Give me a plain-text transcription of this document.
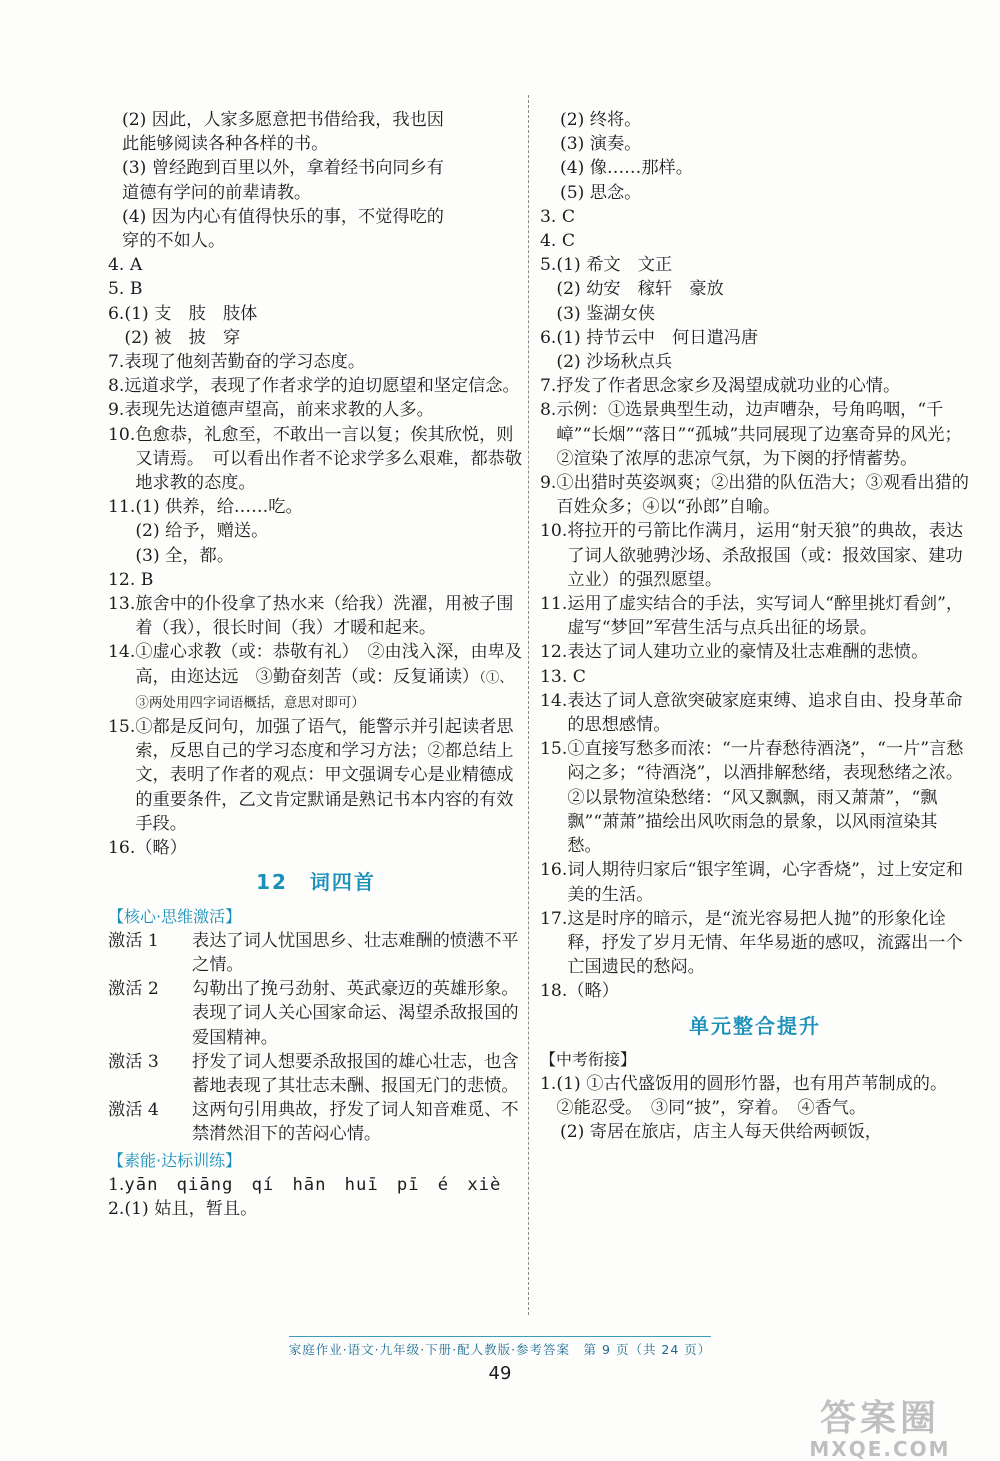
(2) 因此，人家多愿意把书借给我，我也因
此能够阅读各种各样的书。
(3) 曾经跑到百里以外，拿着经书向同乡有
道德有学问的前辈请教。
(4) 因为内心有值得快乐的事，不觉得吃的
穿的不如人。
4. A
5. B
6. (1) 支　肢　肢体
(2) 被　披　穿
7. 表现了他刻苦勤奋的学习态度。
8. 远道求学，表现了作者求学的迫切愿望和坚定信念。
9. 表现先达道德声望高，前来求教的人多。
10. 色愈恭，礼愈至，不敢出一言以复；俟其欣悦，则又请焉。　可以看出作者不论求学多么艰难，都恭敬地求教的态度。
11. (1) 供养，给……吃。
(2) 给予，赠送。
(3) 全，都。
12. B
13. 旅舍中的仆役拿了热水来（给我）洗濯，用被子围着（我），很长时间（我）才暖和起来。
14. ①虚心求教（或：恭敬有礼）　②由浅入深，由卑及高，由迩达远　③勤奋刻苦（或：反复诵读）（①、③两处用四字词语概括，意思对即可）
15. ①都是反问句，加强了语气，能警示并引起读者思索，反思自己的学习态度和学习方法；②都总结上文，表明了作者的观点：甲文强调专心是业精德成的重要条件，乙文肯定默诵是熟记书本内容的有效手段。
16.（略）
12　词四首
【核心·思维激活】
激活 1	表达了词人忧国思乡、壮志难酬的愤懑不平之情。
激活 2	勾勒出了挽弓劲射、英武豪迈的英雄形象。　表现了词人关心国家命运、渴望杀敌报国的爱国精神。
激活 3	抒发了词人想要杀敌报国的雄心壮志，也含蓄地表现了其壮志未酬、报国无门的悲愤。
激活 4	这两句引用典故，抒发了词人知音难觅、不禁潸然泪下的苦闷心情。
【素能·达标训练】
1. yān　qiāng　qí　hān　huī　pī　é　xiè
2. (1) 姑且，暂且。
(2) 终将。
(3) 演奏。
(4) 像……那样。
(5) 思念。
3. C
4. C
5. (1) 希文　文正
(2) 幼安　稼轩　豪放
(3) 鉴湖女侠
6. (1) 持节云中　何日遣冯唐
(2) 沙场秋点兵
7. 抒发了作者思念家乡及渴望成就功业的心情。
8. 示例：①选景典型生动，边声嘈杂，号角呜咽，“千嶂”“长烟”“落日”“孤城”共同展现了边塞奇异的风光；②渲染了浓厚的悲凉气氛，为下阕的抒情蓄势。
9. ①出猎时英姿飒爽；②出猎的队伍浩大；③观看出猎的百姓众多；④以“孙郎”自喻。
10. 将拉开的弓箭比作满月，运用“射天狼”的典故，表达了词人欲驰骋沙场、杀敌报国（或：报效国家、建功立业）的强烈愿望。
11. 运用了虚实结合的手法，实写词人“醉里挑灯看剑”，虚写“梦回”军营生活与点兵出征的场景。
12. 表达了词人建功立业的豪情及壮志难酬的悲愤。
13. C
14. 表达了词人意欲突破家庭束缚、追求自由、投身革命的思想感情。
15. ①直接写愁多而浓：“一片春愁待酒浇”，“一片”言愁闷之多；“待酒浇”，以酒排解愁绪，表现愁绪之浓。②以景物渲染愁绪：“风又飘飘，雨又萧萧”，“飘飘”“萧萧”描绘出风吹雨急的景象，以风雨渲染其愁。
16. 词人期待归家后“银字笙调，心字香烧”，过上安定和美的生活。
17. 这是时序的暗示，是“流光容易把人抛”的形象化诠释，抒发了岁月无情、年华易逝的感叹，流露出一个亡国遗民的愁闷。
18.（略）
单元整合提升
【中考衔接】
1. (1) ①古代盛饭用的圆形竹器，也有用芦苇制成的。　②能忍受。　③同“披”，穿着。　④香气。
(2) 寄居在旅店，店主人每天供给两顿饭，
家庭作业·语文·九年级·下册·配人教版·参考答案　第 9 页（共 24 页）
49
答案圈
MXQE.COM
